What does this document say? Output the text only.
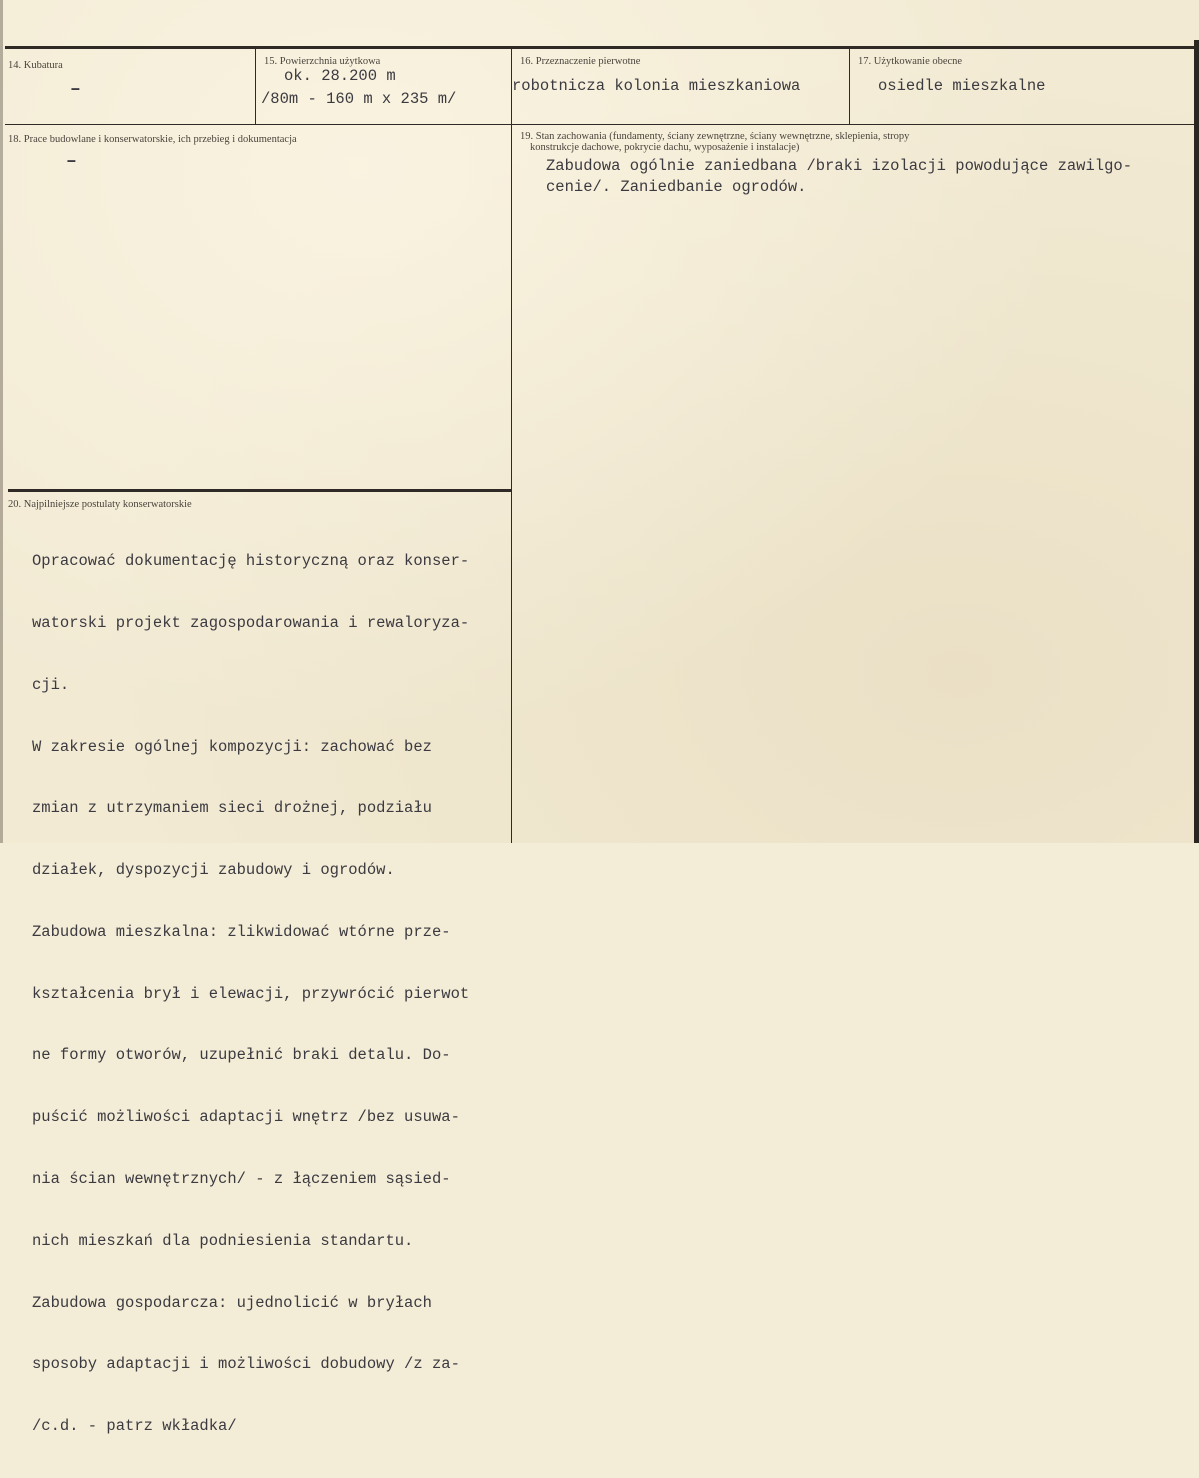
14. Kubatura
–
15. Powierzchnia użytkowa
ok. 28.200 m
/80m - 160 m x 235 m/
16. Przeznaczenie pierwotne
robotnicza kolonia mieszkaniowa
17. Użytkowanie obecne
osiedle mieszkalne
18. Prace budowlane i konserwatorskie, ich przebieg i dokumentacja
–
19. Stan zachowania (fundamenty, ściany zewnętrzne, ściany wewnętrzne, sklepienia, stropy
konstrukcje dachowe, pokrycie dachu, wyposażenie i instalacje)
Zabudowa ogólnie zaniedbana /braki izolacji powodujące zawilgo-
cenie/. Zaniedbanie ogrodów.
20. Najpilniejsze postulaty konserwatorskie

Opracować dokumentację historyczną oraz konser-

watorski projekt zagospodarowania i rewaloryza-

cji.

W zakresie ogólnej kompozycji: zachować bez

zmian z utrzymaniem sieci drożnej, podziału

działek, dyspozycji zabudowy i ogrodów.

Zabudowa mieszkalna: zlikwidować wtórne prze-

kształcenia brył i elewacji, przywrócić pierwot

ne formy otworów, uzupełnić braki detalu. Do-

puścić możliwości adaptacji wnętrz /bez usuwa-

nia ścian wewnętrznych/ - z łączeniem sąsied-

nich mieszkań dla podniesienia standartu.

Zabudowa gospodarcza: ujednolicić w bryłach

sposoby adaptacji i możliwości dobudowy /z za-

/c.d. - patrz wkładka/
